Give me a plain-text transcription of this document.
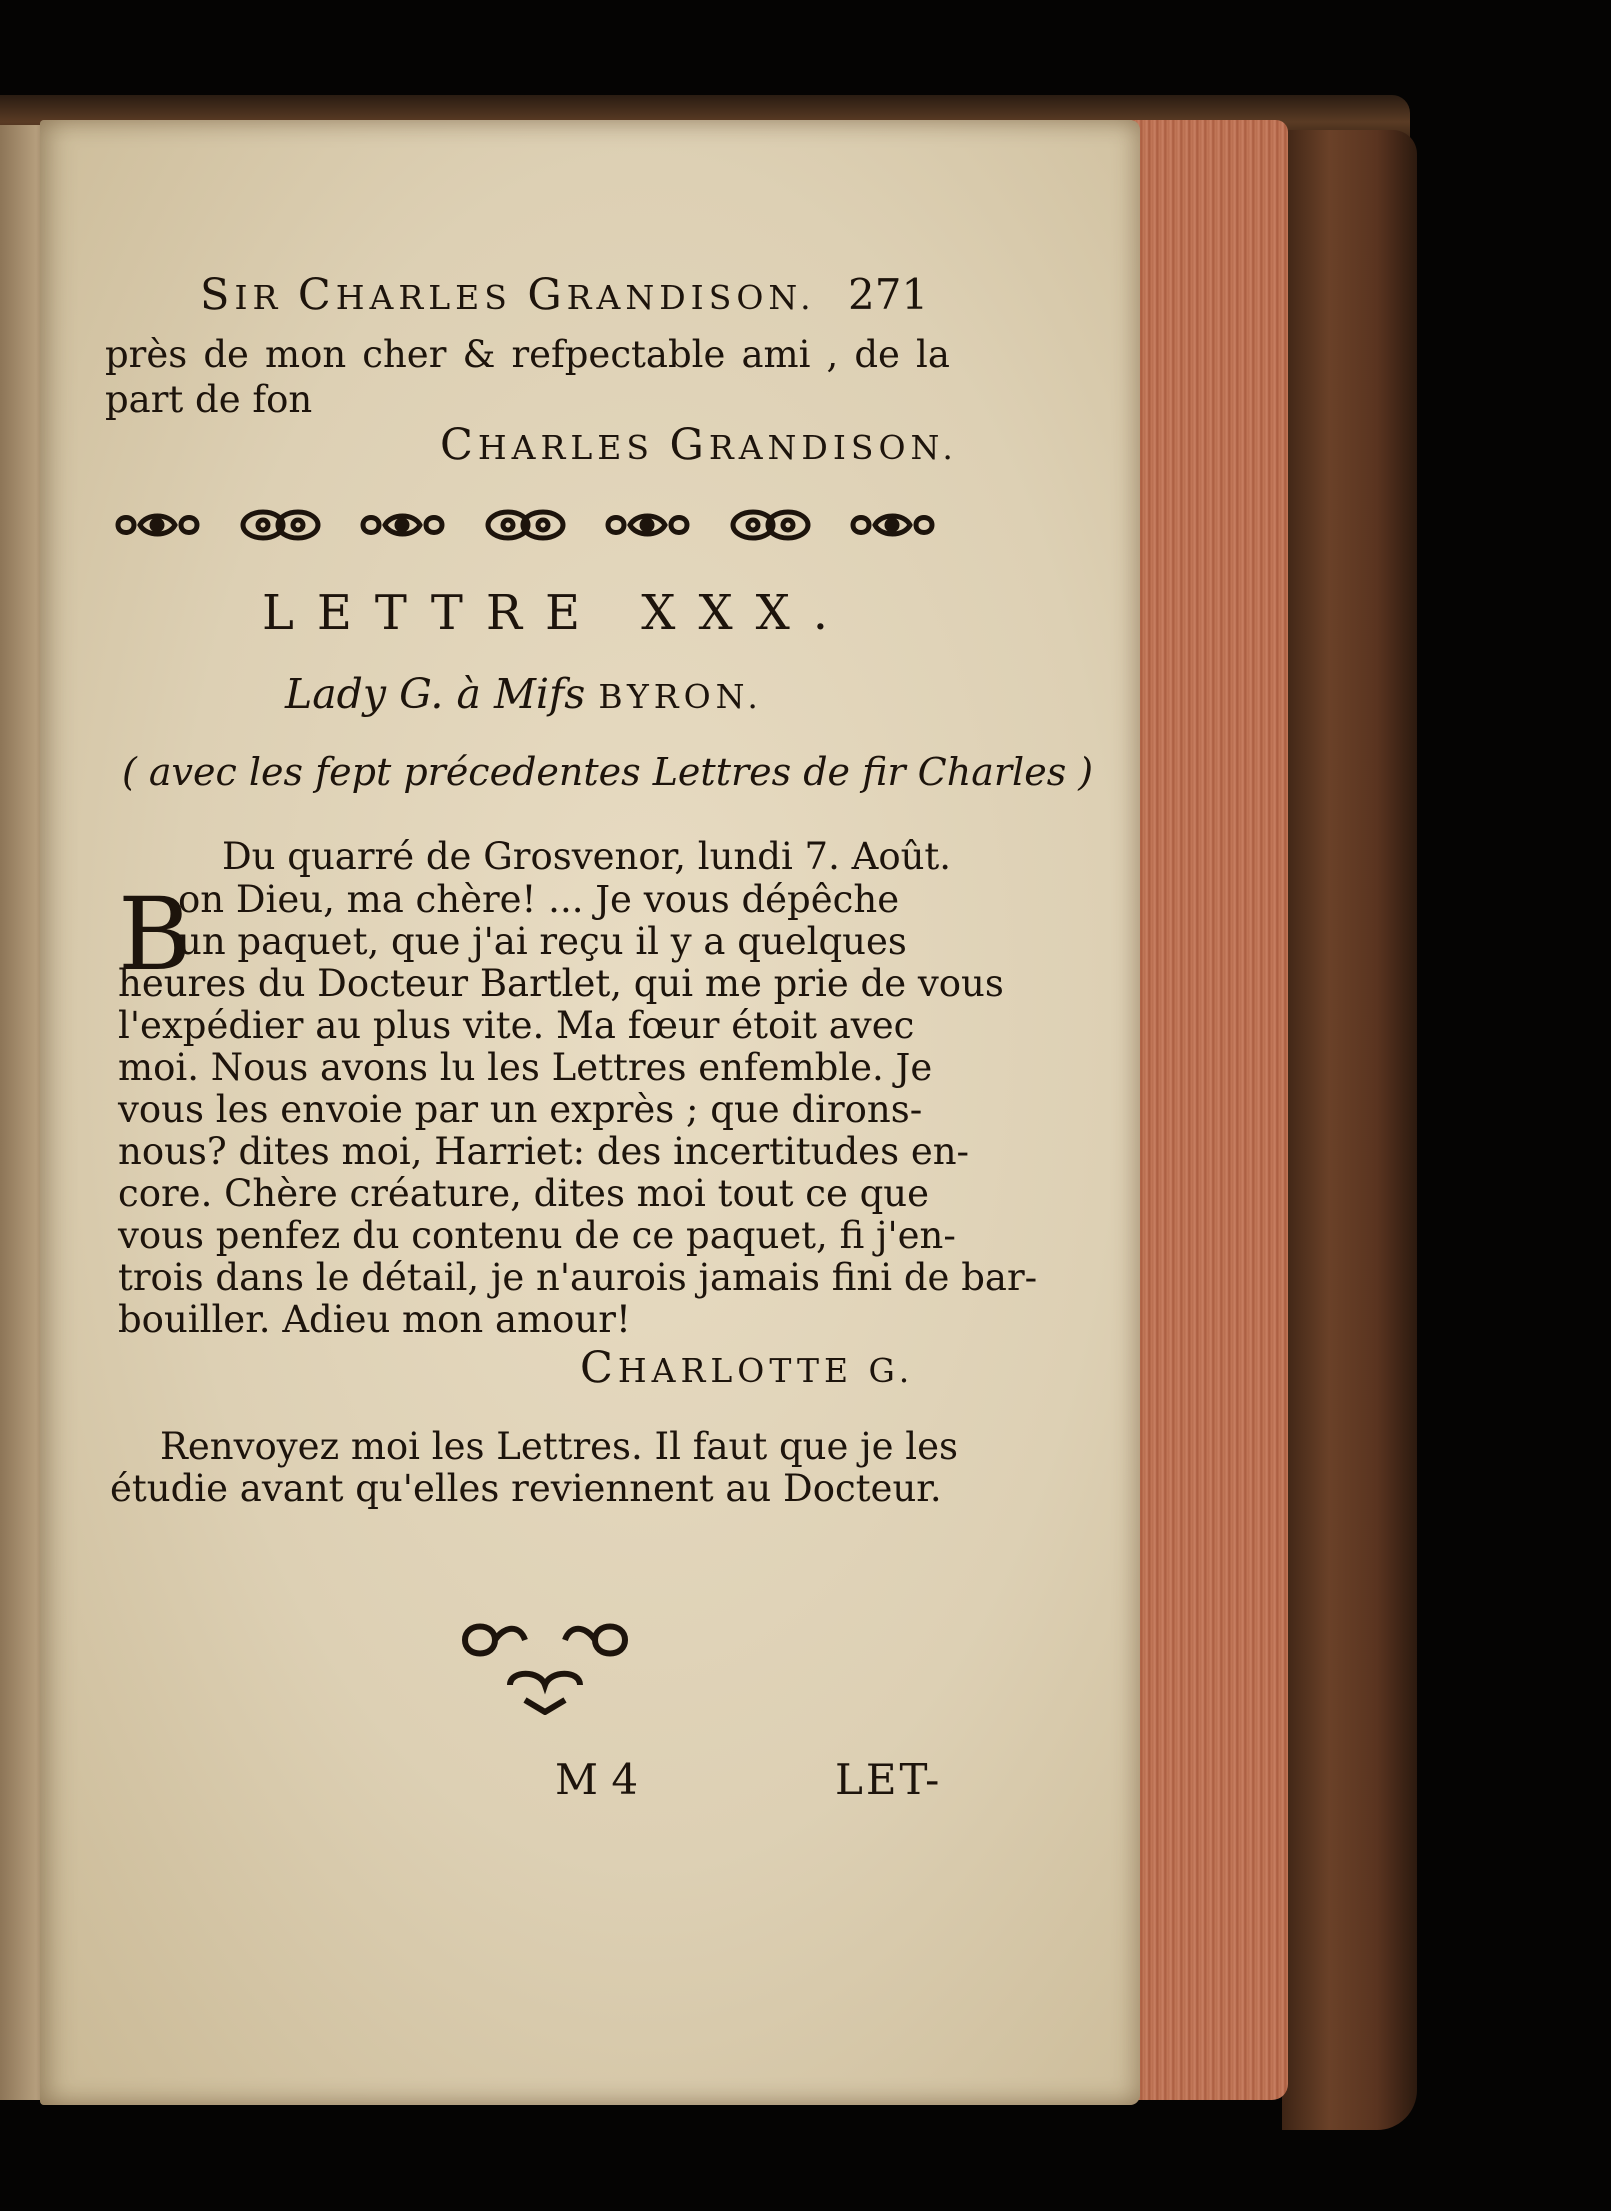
SIR CHARLES GRANDISON. 271
près de mon cher & refpectable ami , de la
part de fon
CHARLES GRANDISON.
LETTRE XXX.
Lady G. à Mifs BYRON.
( avec les fept précedentes Lettres de fir Charles )
Du quarré de Grosvenor, lundi 7. Août.
B
on Dieu, ma chère! ... Je vous dépêche
un paquet, que j'ai reçu il y a quelques
heures du Docteur Bartlet, qui me prie de vous
l'expédier au plus vite. Ma fœur étoit avec
moi. Nous avons lu les Lettres enfemble. Je
vous les envoie par un exprès ; que dirons-
nous? dites moi, Harriet: des incertitudes en-
core. Chère créature, dites moi tout ce que
vous penfez du contenu de ce paquet, fi j'en-
trois dans le détail, je n'aurois jamais fini de bar-
bouiller. Adieu mon amour!
CHARLOTTE G.
Renvoyez moi les Lettres. Il faut que je les
étudie avant qu'elles reviennent au Docteur.
M 4	LET-
